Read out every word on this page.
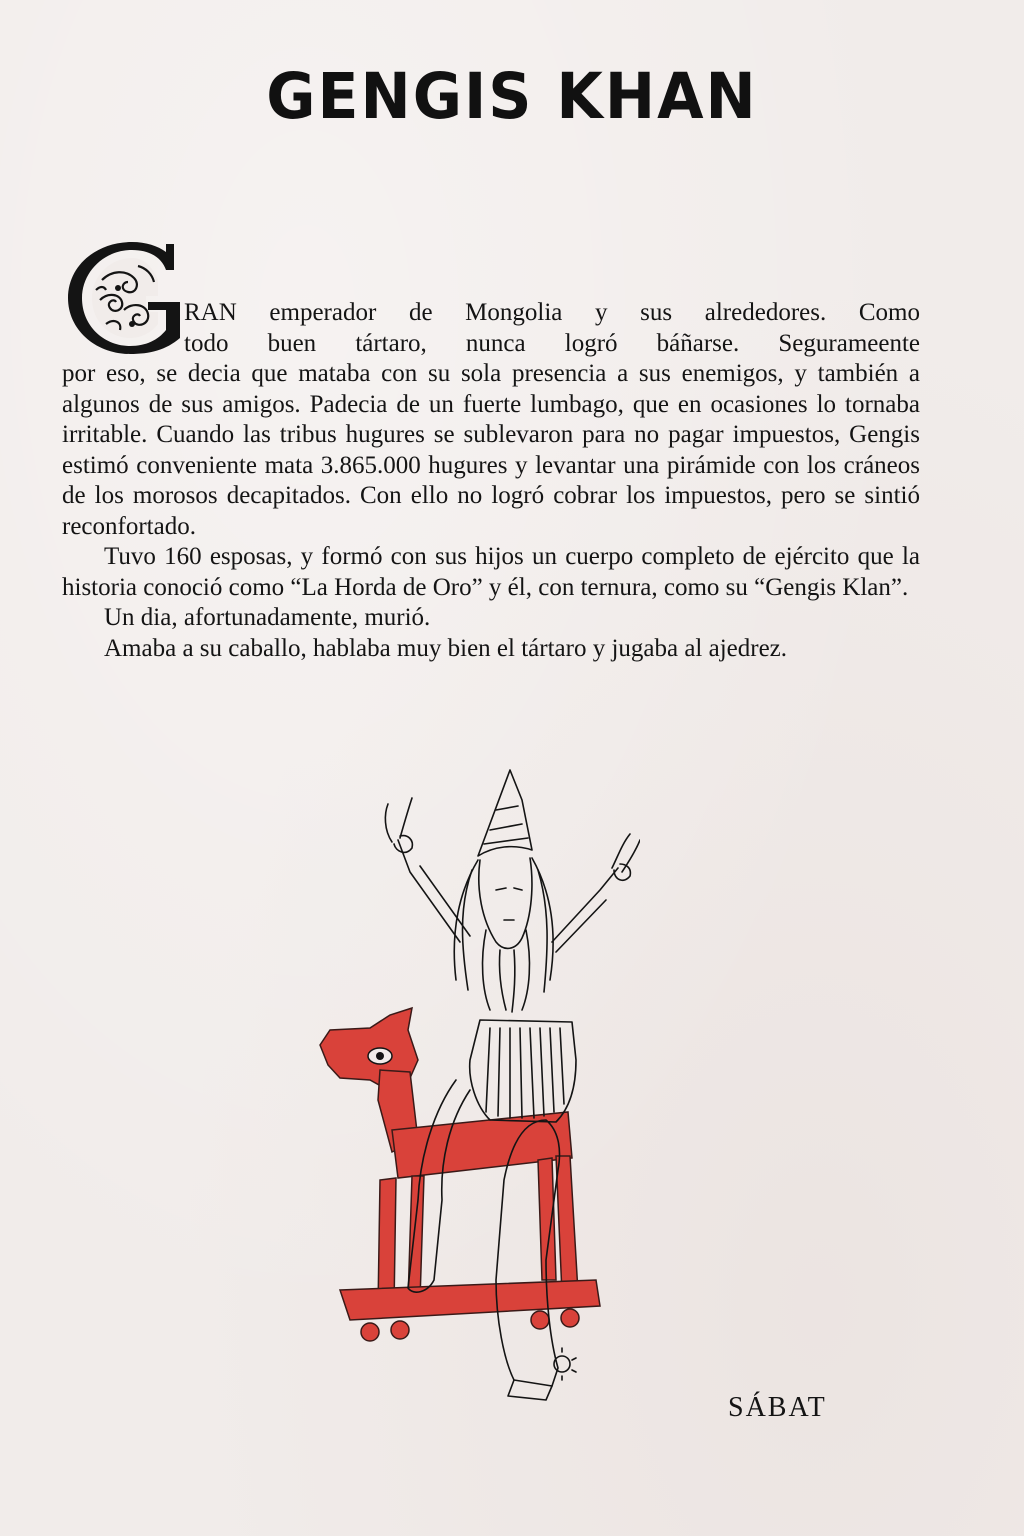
GENGIS KHAN

RAN emperador de Mongolia y sus alrededores. Como

todo buen tártaro, nunca logró báñarse. Segurameente

por eso, se decia que mataba con su sola presencia a sus enemigos, y también a algunos de sus amigos. Padecia de un fuerte lumbago, que en ocasiones lo tornaba irritable. Cuando las tribus hugures se sublevaron para no pagar impuestos, Gengis estimó conveniente mata 3.865.000 hugures y levantar una pirámide con los cráneos de los morosos decapitados. Con ello no logró cobrar los impuestos, pero se sintió reconfortado.

Tuvo 160 esposas, y formó con sus hijos un cuerpo completo de ejército que la historia conoció como “La Horda de Oro” y él, con ternura, como su “Gengis Klan”.

Un dia, afortunadamente, murió.

Amaba a su caballo, hablaba muy bien el tártaro y jugaba al ajedrez.

SÁBAT
